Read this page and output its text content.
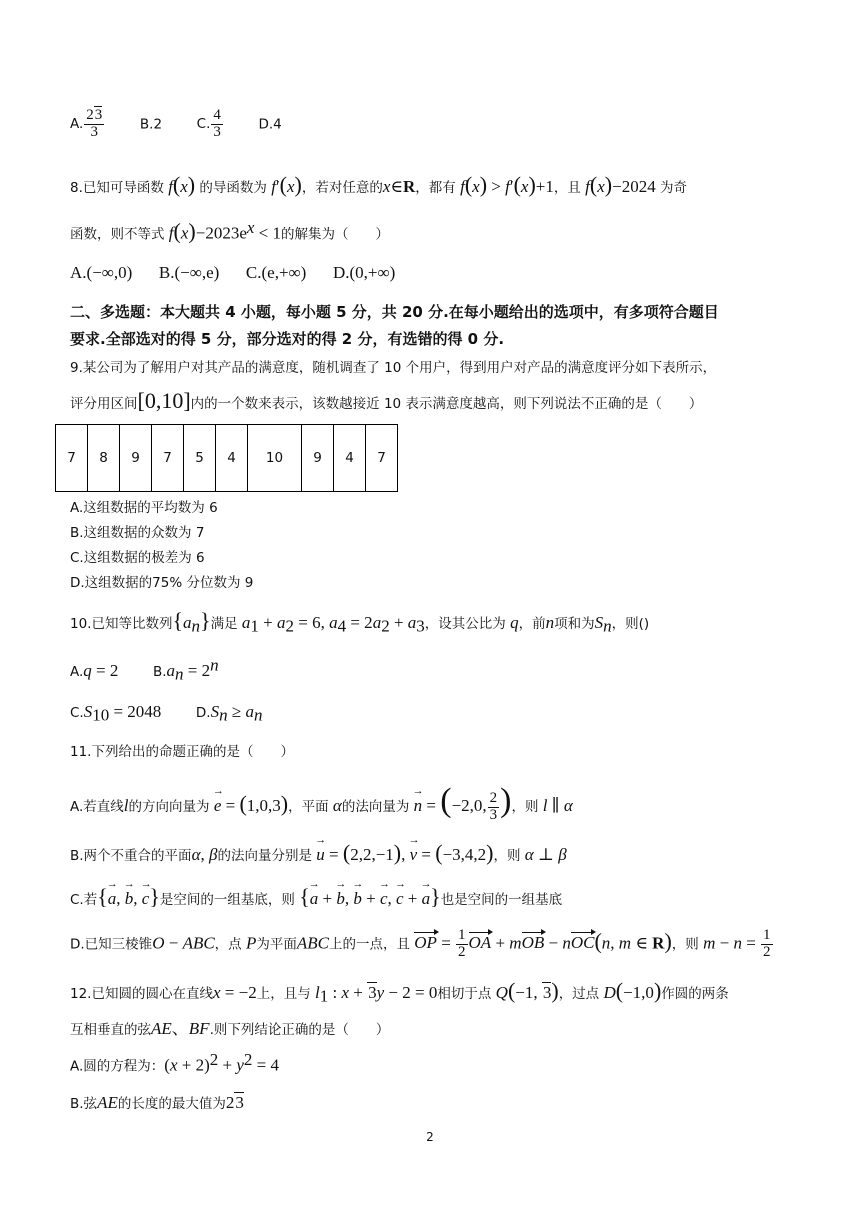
A. $\frac{23}{3}$	B.2	C. $\frac{4}{3}$	D.4
8.已知可导函数 f(x) 的导函数为 f′(x)，若对任意的x∈R，都有 f(x) > f′(x)+1，且 f(x)−2024 为奇
函数，则不等式 $f(x)-2023e^x < 1$的解集为（　　）
A.(−∞,0) B.(−∞,e) C.(e,+∞) D.(0,+∞)
二、多选题：本大题共 4 小题，每小题 5 分，共 20 分.在每小题给出的选项中，有多项符合题目
要求.全部选对的得 5 分，部分选对的得 2 分，有选错的得 0 分.
9.某公司为了解用户对其产品的满意度，随机调查了 10 个用户，得到用户对产品的满意度评分如下表所示，
评分用区间[0,10]内的一个数来表示，该数越接近 10 表示满意度越高，则下列说法不正确的是（　　）
7	8	9	7	5	4	10	9	4	7
A.这组数据的平均数为 6
B.这组数据的众数为 7
C.这组数据的极差为 6
D.这组数据的75% 分位数为 9
10.已知等比数列$\{a_n\}$满足 $a_1 + a_2 = 6$, $a_4 = 2a_2 + a_3$，设其公比为 q，前n项和为$S_n$，则()
A.q = 2	$B.a_n = 2^n$
$C.S_{10} = 2048$	$D.S_n \ge a_n$
11.下列给出的命题正确的是（　　）
A.若直线l的方向向量为 → e = (1,0,3)，平面 α的法向量为 → n = (−2,0, $\frac{2}{3}$ )，则 l ∥ α
B.两个不重合的平面α, β的法向量分别是 → u = (2,2,−1), → v = (−3,4,2)，则 α ⊥ β
C.若{→ a, → b, → c}是空间的一组基底，则 {→ a + → b, → b + → c, → c + → a}也是空间的一组基底
D.已知三棱锥O − ABC，点 P为平面ABC上的一点，且 OP = $\frac{1}{2}$ OA + mOB − nOC(n, m ∈ R)，则 $m - n = \frac{1}{2}$
12.已知圆的圆心在直线x = −2上，且与 $l_1$ : x + 3y − 2 = 0相切于点 Q(−1, 3)，过点 D(−1,0)作圆的两条
互相垂直的弦AE、BF.则下列结论正确的是（　　）
A.圆的方程为：$(x + 2)^2 + y^2 = 4$
B.弦AE的长度的最大值为23
2
